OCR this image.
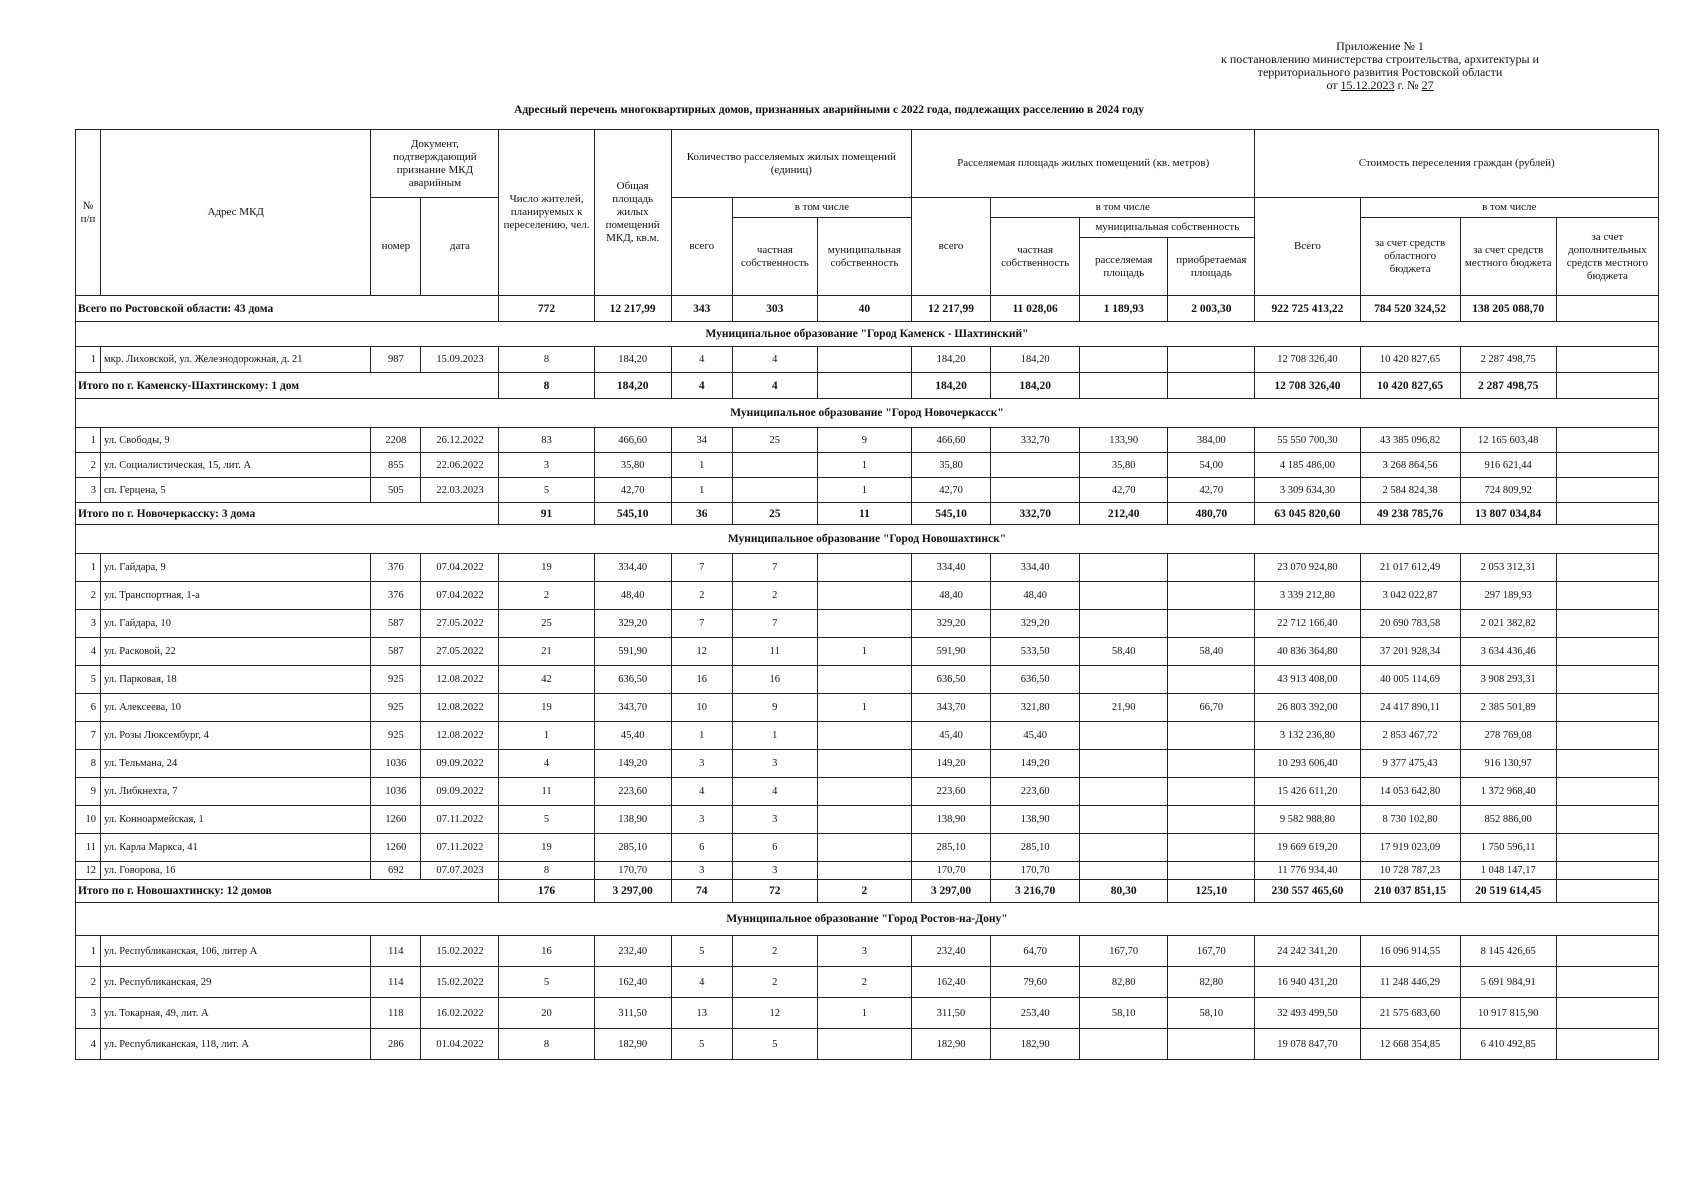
Приложение № 1
к постановлению министерства строительства, архитектуры и
территориального развития Ростовской области
от 15.12.2023 г. № 27
Адресный перечень многоквартирных домов, признанных аварийными с 2022 года, подлежащих расселению в 2024 году
№ п/п	Адрес МКД	Документ, подтверждающий признание МКД аварийным		Число жителей, планируемых к переселению, чел.	Общая площадь жилых помещений МКД, кв.м.	Количество расселяемых жилых помещений (единиц)			Расселяемая площадь жилых помещений (кв. метров)				Стоимость переселения граждан (рублей)			
		номер	дата			всего	в том числе		всего	в том числе			Всего	в том числе		
							частная собственность	муниципальная собственность		частная собственность	муниципальная собственность			за счет средств областного бюджета	за счет средств местного бюджета	за счет дополнительных средств местного бюджета
											расселяемая площадь	приобретаемая площадь				
Всего по Ростовской области: 43 дома				772	12 217,99	343	303	40	12 217,99	11 028,06	1 189,93	2 003,30	922 725 413,22	784 520 324,52	138 205 088,70	
Муниципальное образование "Город Каменск - Шахтинский"																
1	мкр. Лиховской, ул. Железнодорожная, д. 21	987	15.09.2023	8	184,20	4	4		184,20	184,20			12 708 326,40	10 420 827,65	2 287 498,75	
Итого по г. Каменску-Шахтинскому: 1 дом				8	184,20	4	4		184,20	184,20			12 708 326,40	10 420 827,65	2 287 498,75	
Муниципальное образование "Город Новочеркасск"																
1	ул. Свободы, 9	2208	26.12.2022	83	466,60	34	25	9	466,60	332,70	133,90	384,00	55 550 700,30	43 385 096,82	12 165 603,48	
2	ул. Социалистическая, 15, лит. А	855	22.06.2022	3	35,80	1		1	35,80		35,80	54,00	4 185 486,00	3 268 864,56	916 621,44	
3	сп. Герцена, 5	505	22.03.2023	5	42,70	1		1	42,70		42,70	42,70	3 309 634,30	2 584 824,38	724 809,92	
Итого по г. Новочеркасску: 3 дома				91	545,10	36	25	11	545,10	332,70	212,40	480,70	63 045 820,60	49 238 785,76	13 807 034,84	
Муниципальное образование "Город Новошахтинск"																
1	ул. Гайдара, 9	376	07.04.2022	19	334,40	7	7		334,40	334,40			23 070 924,80	21 017 612,49	2 053 312,31	
2	ул. Транспортная, 1-а	376	07.04.2022	2	48,40	2	2		48,40	48,40			3 339 212,80	3 042 022,87	297 189,93	
3	ул. Гайдара, 10	587	27.05.2022	25	329,20	7	7		329,20	329,20			22 712 166,40	20 690 783,58	2 021 382,82	
4	ул. Расковой, 22	587	27.05.2022	21	591,90	12	11	1	591,90	533,50	58,40	58,40	40 836 364,80	37 201 928,34	3 634 436,46	
5	ул. Парковая, 18	925	12.08.2022	42	636,50	16	16		636,50	636,50			43 913 408,00	40 005 114,69	3 908 293,31	
6	ул. Алексеева, 10	925	12.08.2022	19	343,70	10	9	1	343,70	321,80	21,90	66,70	26 803 392,00	24 417 890,11	2 385 501,89	
7	ул. Розы Люксембург, 4	925	12.08.2022	1	45,40	1	1		45,40	45,40			3 132 236,80	2 853 467,72	278 769,08	
8	ул. Тельмана, 24	1036	09.09.2022	4	149,20	3	3		149,20	149,20			10 293 606,40	9 377 475,43	916 130,97	
9	ул. Либкнехта, 7	1036	09.09.2022	11	223,60	4	4		223,60	223,60			15 426 611,20	14 053 642,80	1 372 968,40	
10	ул. Конноармейская, 1	1260	07.11.2022	5	138,90	3	3		138,90	138,90			9 582 988,80	8 730 102,80	852 886,00	
11	ул. Карла Маркса, 41	1260	07.11.2022	19	285,10	6	6		285,10	285,10			19 669 619,20	17 919 023,09	1 750 596,11	
12	ул. Говорова, 16	692	07.07.2023	8	170,70	3	3		170,70	170,70			11 776 934,40	10 728 787,23	1 048 147,17	
Итого по г. Новошахтинску: 12 домов				176	3 297,00	74	72	2	3 297,00	3 216,70	80,30	125,10	230 557 465,60	210 037 851,15	20 519 614,45	
Муниципальное образование "Город Ростов-на-Дону"																
1	ул. Республиканская, 106, литер А	114	15.02.2022	16	232,40	5	2	3	232,40	64,70	167,70	167,70	24 242 341,20	16 096 914,55	8 145 426,65	
2	ул. Республиканская, 29	114	15.02.2022	5	162,40	4	2	2	162,40	79,60	82,80	82,80	16 940 431,20	11 248 446,29	5 691 984,91	
3	ул. Токарная, 49, лит. А	118	16.02.2022	20	311,50	13	12	1	311,50	253,40	58,10	58,10	32 493 499,50	21 575 683,60	10 917 815,90	
4	ул. Республиканская, 118, лит. А	286	01.04.2022	8	182,90	5	5		182,90	182,90			19 078 847,70	12 668 354,85	6 410 492,85	
